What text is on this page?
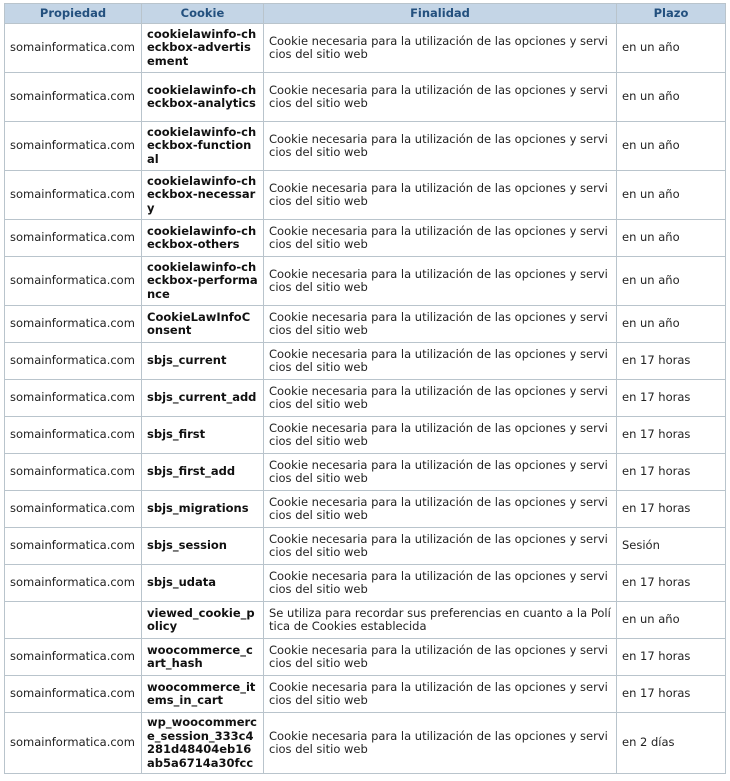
Propiedad	Cookie	Finalidad	Plazo
somainformatica.com	cookielawinfo-checkbox-advertisement	Cookie necesaria para la utilización de las opciones y servicios del sitio web	en un año
somainformatica.com	cookielawinfo-checkbox-analytics	Cookie necesaria para la utilización de las opciones y servicios del sitio web	en un año
somainformatica.com	cookielawinfo-checkbox-functional	Cookie necesaria para la utilización de las opciones y servicios del sitio web	en un año
somainformatica.com	cookielawinfo-checkbox-necessary	Cookie necesaria para la utilización de las opciones y servicios del sitio web	en un año
somainformatica.com	cookielawinfo-checkbox-others	Cookie necesaria para la utilización de las opciones y servicios del sitio web	en un año
somainformatica.com	cookielawinfo-checkbox-performance	Cookie necesaria para la utilización de las opciones y servicios del sitio web	en un año
somainformatica.com	CookieLawInfoConsent	Cookie necesaria para la utilización de las opciones y servicios del sitio web	en un año
somainformatica.com	sbjs_current	Cookie necesaria para la utilización de las opciones y servicios del sitio web	en 17 horas
somainformatica.com	sbjs_current_add	Cookie necesaria para la utilización de las opciones y servicios del sitio web	en 17 horas
somainformatica.com	sbjs_first	Cookie necesaria para la utilización de las opciones y servicios del sitio web	en 17 horas
somainformatica.com	sbjs_first_add	Cookie necesaria para la utilización de las opciones y servicios del sitio web	en 17 horas
somainformatica.com	sbjs_migrations	Cookie necesaria para la utilización de las opciones y servicios del sitio web	en 17 horas
somainformatica.com	sbjs_session	Cookie necesaria para la utilización de las opciones y servicios del sitio web	Sesión
somainformatica.com	sbjs_udata	Cookie necesaria para la utilización de las opciones y servicios del sitio web	en 17 horas
	viewed_cookie_policy	Se utiliza para recordar sus preferencias en cuanto a la Política de Cookies establecida	en un año
somainformatica.com	woocommerce_cart_hash	Cookie necesaria para la utilización de las opciones y servicios del sitio web	en 17 horas
somainformatica.com	woocommerce_items_in_cart	Cookie necesaria para la utilización de las opciones y servicios del sitio web	en 17 horas
somainformatica.com	wp_woocommerce_session_333c4281d48404eb16ab5a6714a30fcc	Cookie necesaria para la utilización de las opciones y servicios del sitio web	en 2 días
